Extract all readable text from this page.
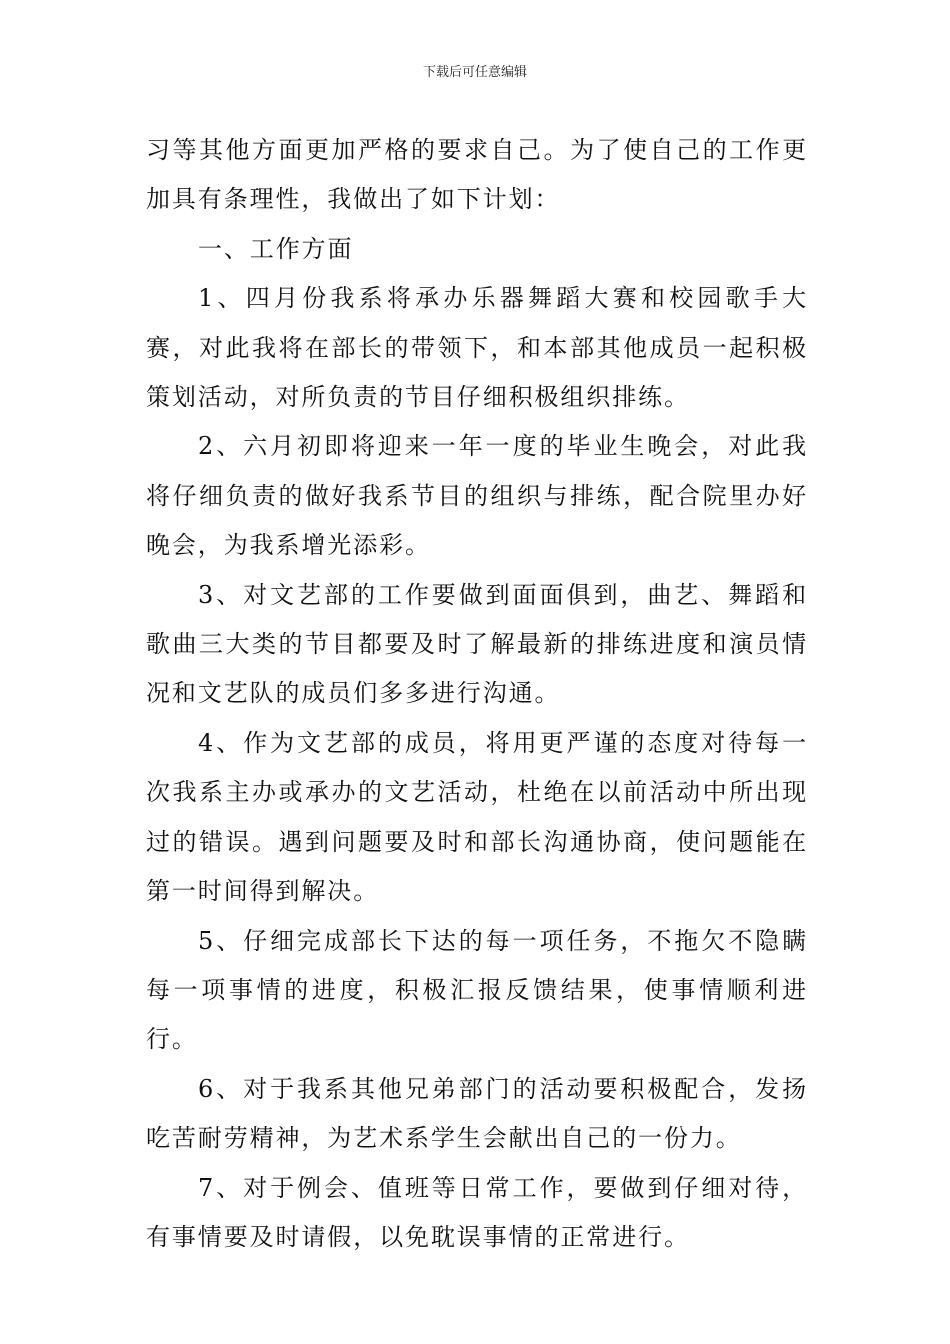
下载后可任意编辑

习等其他方面更加严格的要求自己。为了使自己的工作更加具有条理性，我做出了如下计划：

一、工作方面

1、四月份我系将承办乐器舞蹈大赛和校园歌手大赛，对此我将在部长的带领下，和本部其他成员一起积极策划活动，对所负责的节目仔细积极组织排练。

2、六月初即将迎来一年一度的毕业生晚会，对此我将仔细负责的做好我系节目的组织与排练，配合院里办好晚会，为我系增光添彩。

3、对文艺部的工作要做到面面俱到，曲艺、舞蹈和歌曲三大类的节目都要及时了解最新的排练进度和演员情况和文艺队的成员们多多进行沟通。

4、作为文艺部的成员，将用更严谨的态度对待每一次我系主办或承办的文艺活动，杜绝在以前活动中所出现过的错误。遇到问题要及时和部长沟通协商，使问题能在第一时间得到解决。

5、仔细完成部长下达的每一项任务，不拖欠不隐瞒每一项事情的进度，积极汇报反馈结果，使事情顺利进行。

6、对于我系其他兄弟部门的活动要积极配合，发扬吃苦耐劳精神，为艺术系学生会献出自己的一份力。

7、对于例会、值班等日常工作，要做到仔细对待，有事情要及时请假，以免耽误事情的正常进行。
